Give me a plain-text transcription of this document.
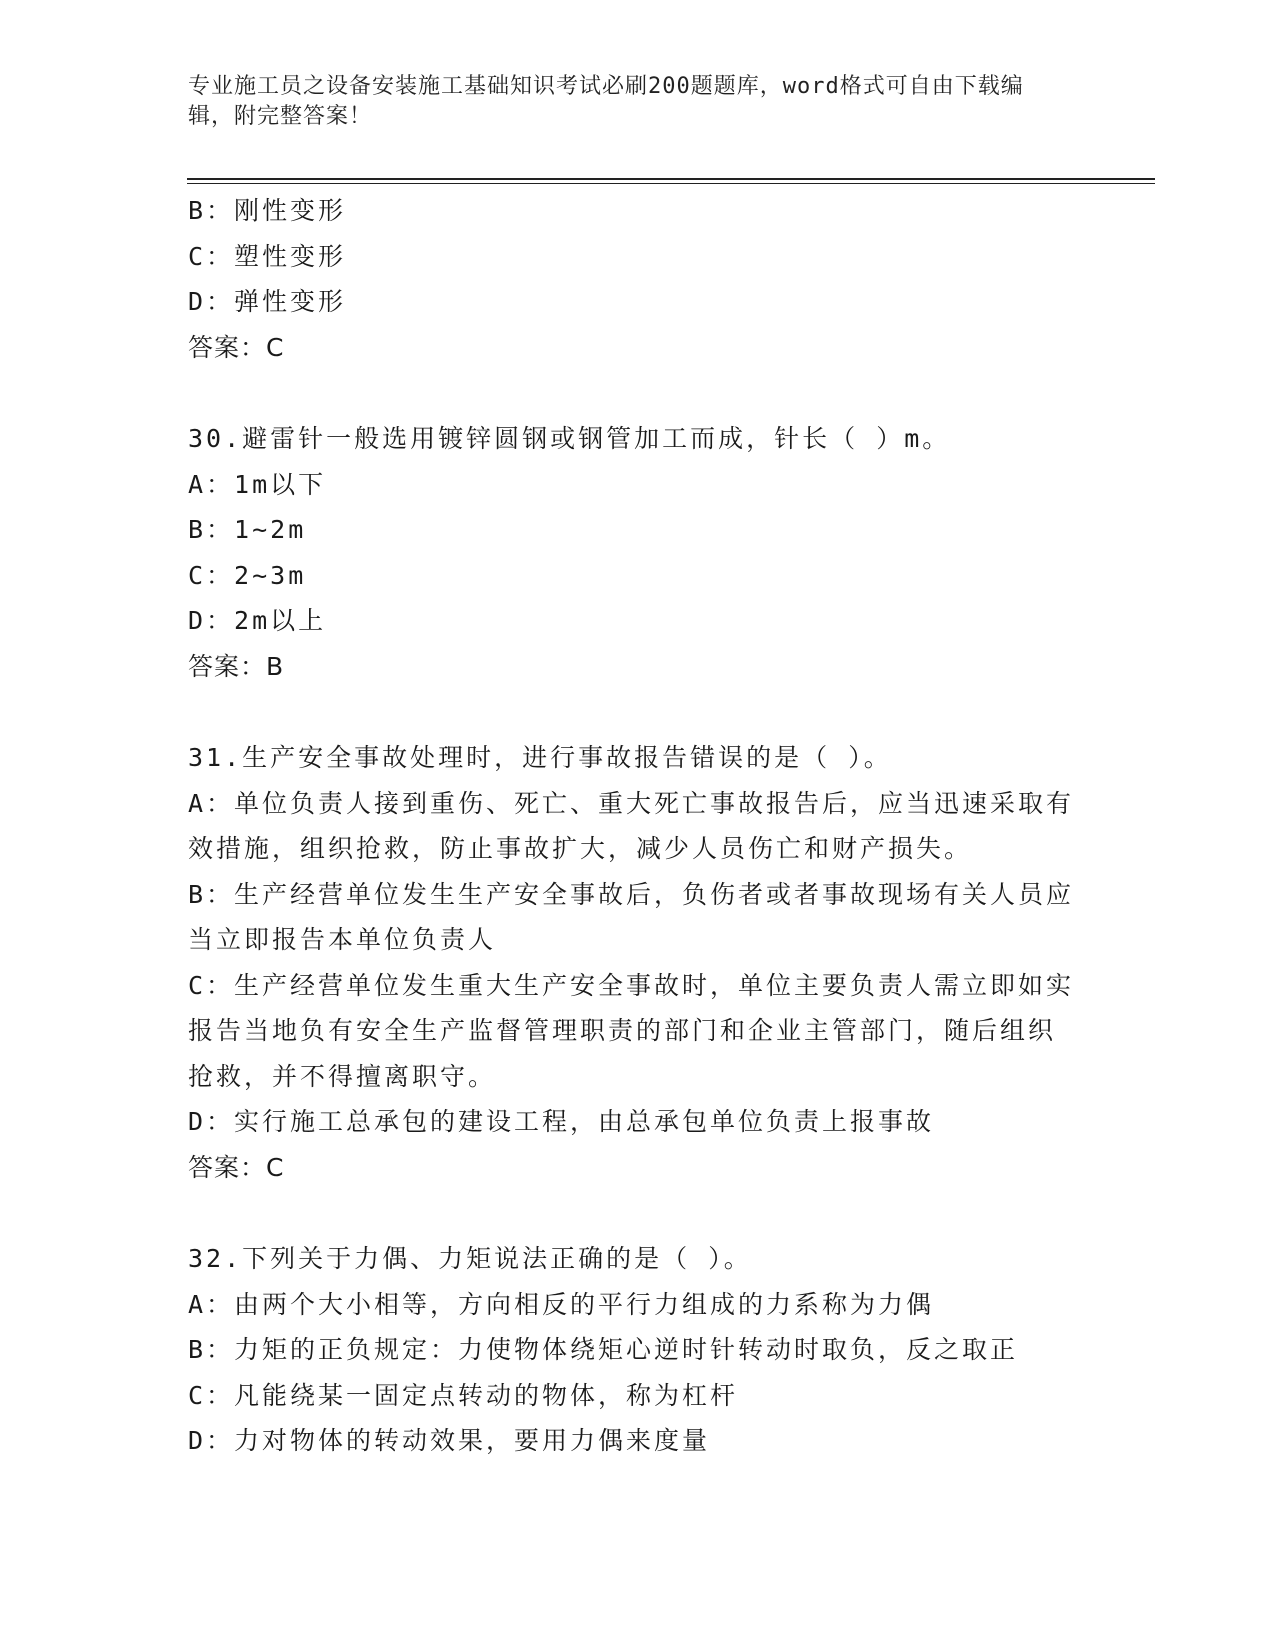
专业施工员之设备安装施工基础知识考试必刷200题题库，word格式可自由下载编辑，附完整答案！

B：刚性变形

C：塑性变形

D：弹性变形

答案：C

30.避雷针一般选用镀锌圆钢或钢管加工而成，针长（ ）m。

A：1m以下

B：1~2m

C：2~3m

D：2m以上

答案：B

31.生产安全事故处理时，进行事故报告错误的是（ ）。

A：单位负责人接到重伤、死亡、重大死亡事故报告后，应当迅速采取有效措施，组织抢救，防止事故扩大，减少人员伤亡和财产损失。

B：生产经营单位发生生产安全事故后，负伤者或者事故现场有关人员应当立即报告本单位负责人

C：生产经营单位发生重大生产安全事故时，单位主要负责人需立即如实报告当地负有安全生产监督管理职责的部门和企业主管部门，随后组织抢救，并不得擅离职守。

D：实行施工总承包的建设工程，由总承包单位负责上报事故

答案：C

32.下列关于力偶、力矩说法正确的是（ ）。

A：由两个大小相等，方向相反的平行力组成的力系称为力偶

B：力矩的正负规定：力使物体绕矩心逆时针转动时取负，反之取正

C：凡能绕某一固定点转动的物体，称为杠杆

D：力对物体的转动效果，要用力偶来度量
